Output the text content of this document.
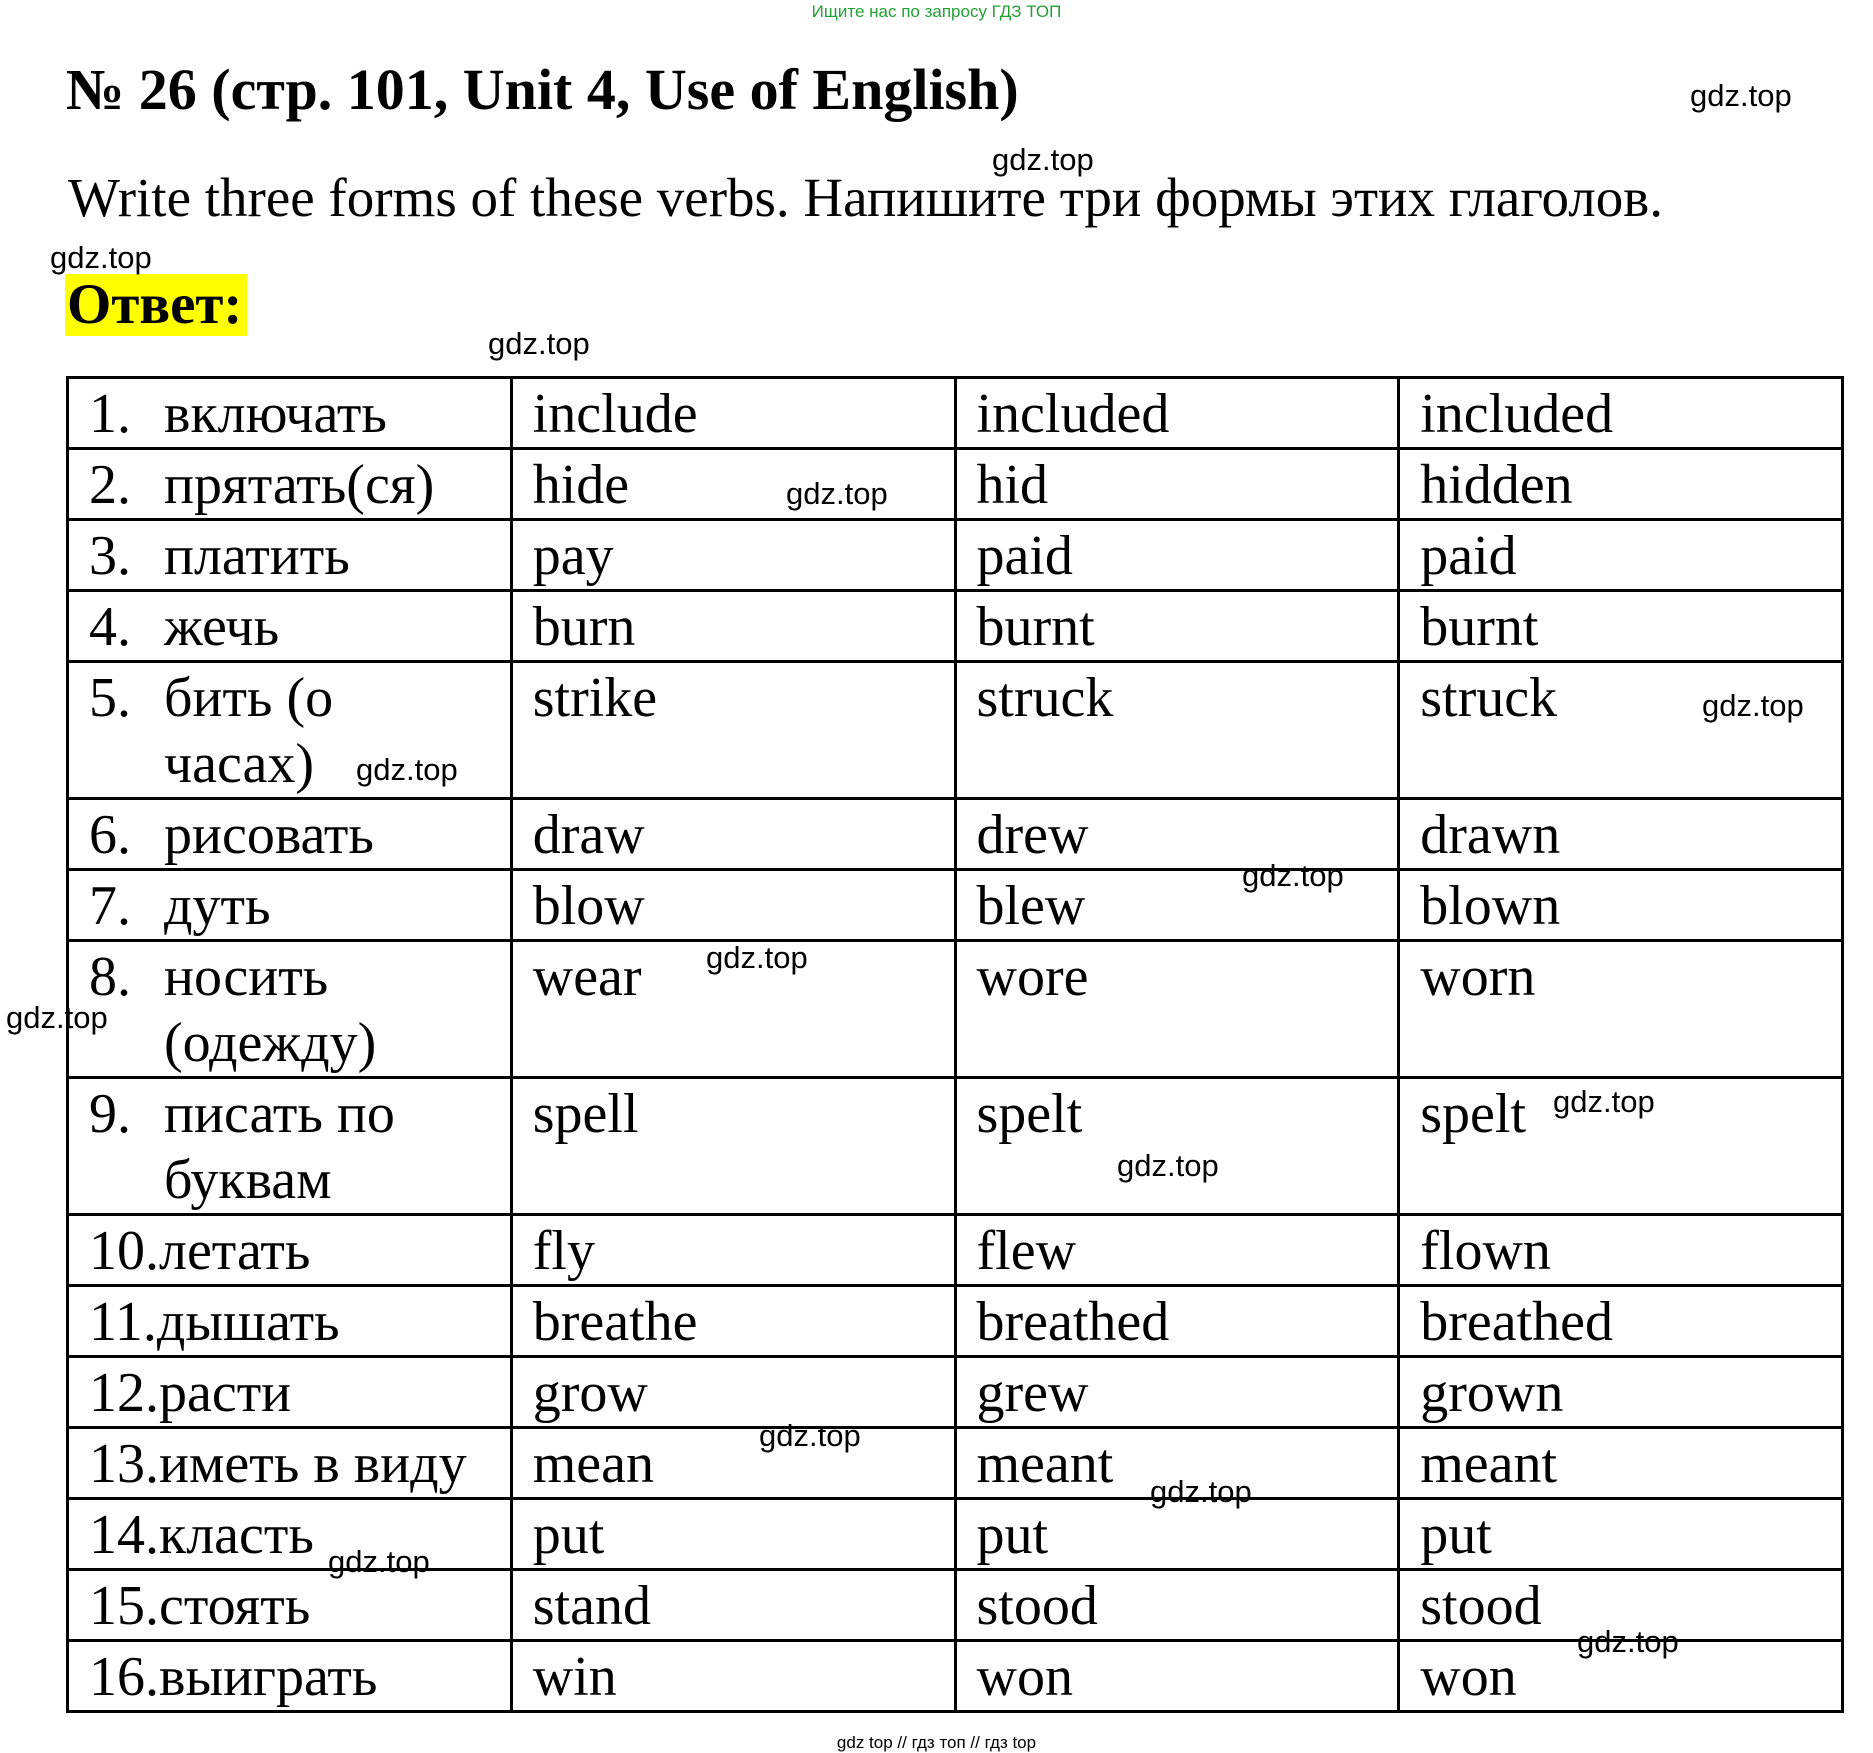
Ищите нас по запросу ГДЗ ТОП
№ 26 (стр. 101, Unit 4, Use of English)

Write three forms of these verbs. Напишите три формы этих глаголов.

Ответ:
1. включать	include	included	included
2. прятать(ся)	hide	hid	hidden
3. платить	pay	paid	paid
4. жечь	burn	burnt	burnt
5. бить (о часах)	strike	struck	struck
6. рисовать	draw	drew	drawn
7. дуть	blow	blew	blown
8. носить (одежду)	wear	wore	worn
9. писать по буквам	spell	spelt	spelt
10.летать	fly	flew	flown
11.дышать	breathe	breathed	breathed
12.расти	grow	grew	grown
13.иметь в виду	mean	meant	meant
14.класть	put	put	put
15.стоять	stand	stood	stood
16.выиграть	win	won	won
gdz.top
gdz.top
gdz.top
gdz.top
gdz.top
gdz.top
gdz.top
gdz.top
gdz.top
gdz.top
gdz.top
gdz.top
gdz.top
gdz.top
gdz.top
gdz.top
gdz top // гдз топ // гдз top
